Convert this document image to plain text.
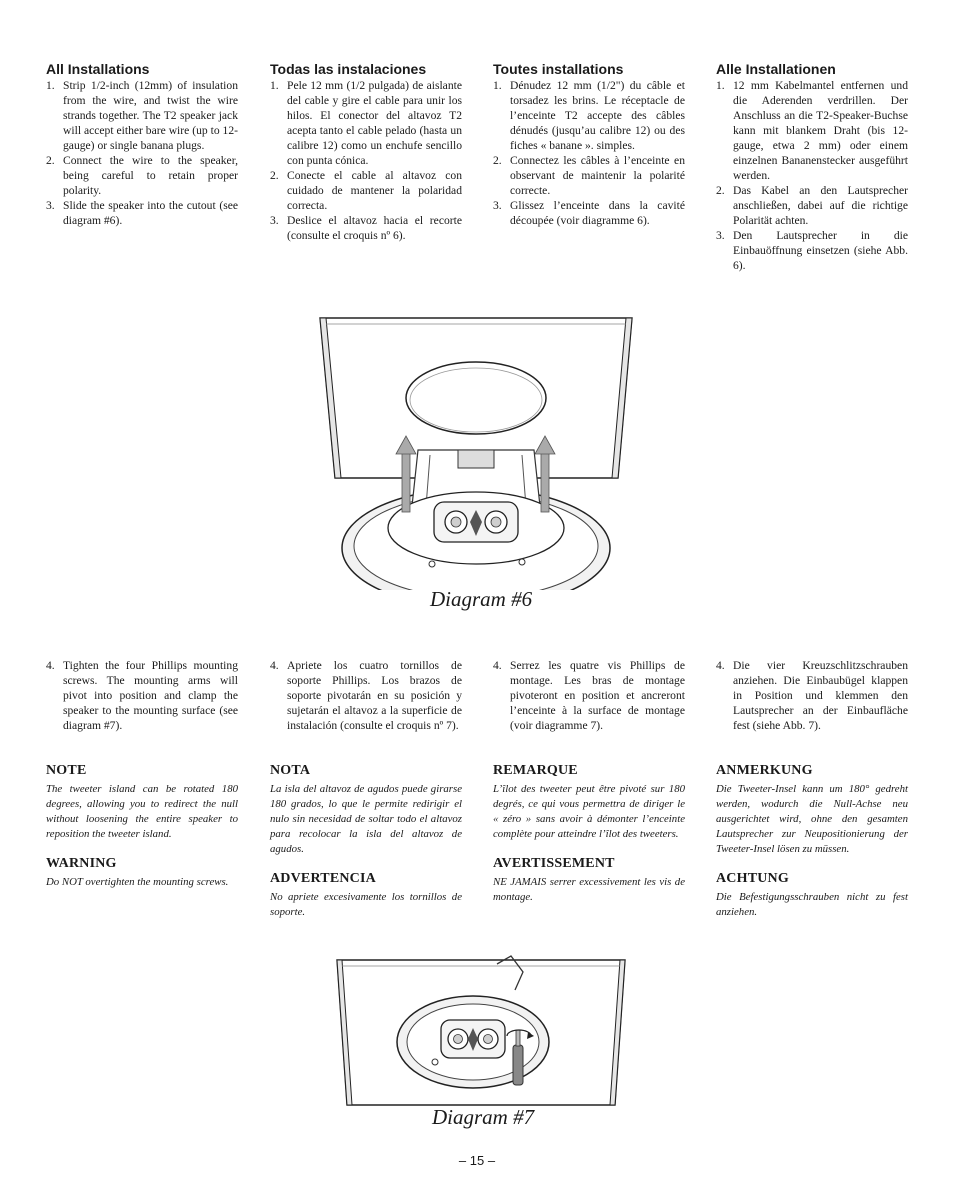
All Installations
1. Strip 1/2-inch (12mm) of insulation from the wire, and twist the wire strands together. The T2 speaker jack will accept either bare wire (up to 12-gauge) or single banana plugs.
2. Connect the wire to the speaker, being careful to retain proper polarity.
3. Slide the speaker into the cutout (see diagram #6).
Todas las instalaciones
1. Pele 12 mm (1/2 pulgada) de aislante del cable y gire el cable para unir los hilos. El conector del altavoz T2 acepta tanto el cable pelado (hasta un calibre 12) como un enchufe sencillo con punta cónica.
2. Conecte el cable al altavoz con cuidado de mantener la polaridad correcta.
3. Deslice el altavoz hacia el recorte (consulte el croquis nº 6).
Toutes installations
1. Dénudez 12 mm (1/2") du câble et torsadez les brins. Le réceptacle de l’enceinte T2 accepte des câbles dénudés (jusqu’au calibre 12) ou des fiches « banane ». simples.
2. Connectez les câbles à l’enceinte en observant de maintenir la polarité correcte.
3. Glissez l’enceinte dans la cavité découpée (voir diagramme 6).
Alle Installationen
1. 12 mm Kabelmantel entfernen und die Aderenden verdrillen. Der Anschluss an die T2-Speaker-Buchse kann mit blankem Draht (bis 12-gauge, etwa 2 mm) oder einem einzelnen Bananenstecker ausgeführt werden.
2. Das Kabel an den Lautsprecher anschließen, dabei auf die richtige Polarität achten.
3. Den Lautsprecher in die Einbauöffnung einsetzen (siehe Abb. 6).
Diagram #6
4. Tighten the four Phillips mounting screws. The mounting arms will pivot into position and clamp the speaker to the mounting surface (see diagram #7).
NOTE

The tweeter island can be rotated 180 degrees, allowing you to redirect the null without loosening the entire speaker to reposition the tweeter island.

WARNING

Do NOT overtighten the mounting screws.

4. Apriete los cuatro tornillos de soporte Phillips. Los brazos de soporte pivotarán en su posición y sujetarán el altavoz a la superficie de instalación (consulte el croquis nº 7).
NOTA

La isla del altavoz de agudos puede girarse 180 grados, lo que le permite redirigir el nulo sin necesidad de soltar todo el altavoz para recolocar la isla del altavoz de agudos.

ADVERTENCIA

No apriete excesivamente los tornillos de soporte.

4. Serrez les quatre vis Phillips de montage. Les bras de montage pivoteront en position et ancreront l’enceinte à la surface de montage (voir diagramme 7).
REMARQUE

L’îlot des tweeter peut être pivoté sur 180 degrés, ce qui vous permettra de diriger le « zéro » sans avoir à démonter l’enceinte complète pour atteindre l’îlot des tweeters.

AVERTISSEMENT

NE JAMAIS serrer excessivement les vis de montage.

4. Die vier Kreuzschlitzschrauben anziehen. Die Einbaubügel klappen in Position und klemmen den Lautsprecher an der Einbaufläche fest (siehe Abb. 7).
ANMERKUNG

Die Tweeter-Insel kann um 180° gedreht werden, wodurch die Null-Achse neu ausgerichtet wird, ohne den gesamten Lautsprecher zur Neupositionierung der Tweeter-Insel lösen zu müssen.

ACHTUNG

Die Befestigungsschrauben nicht zu fest anziehen.

Diagram #7
– 15 –
